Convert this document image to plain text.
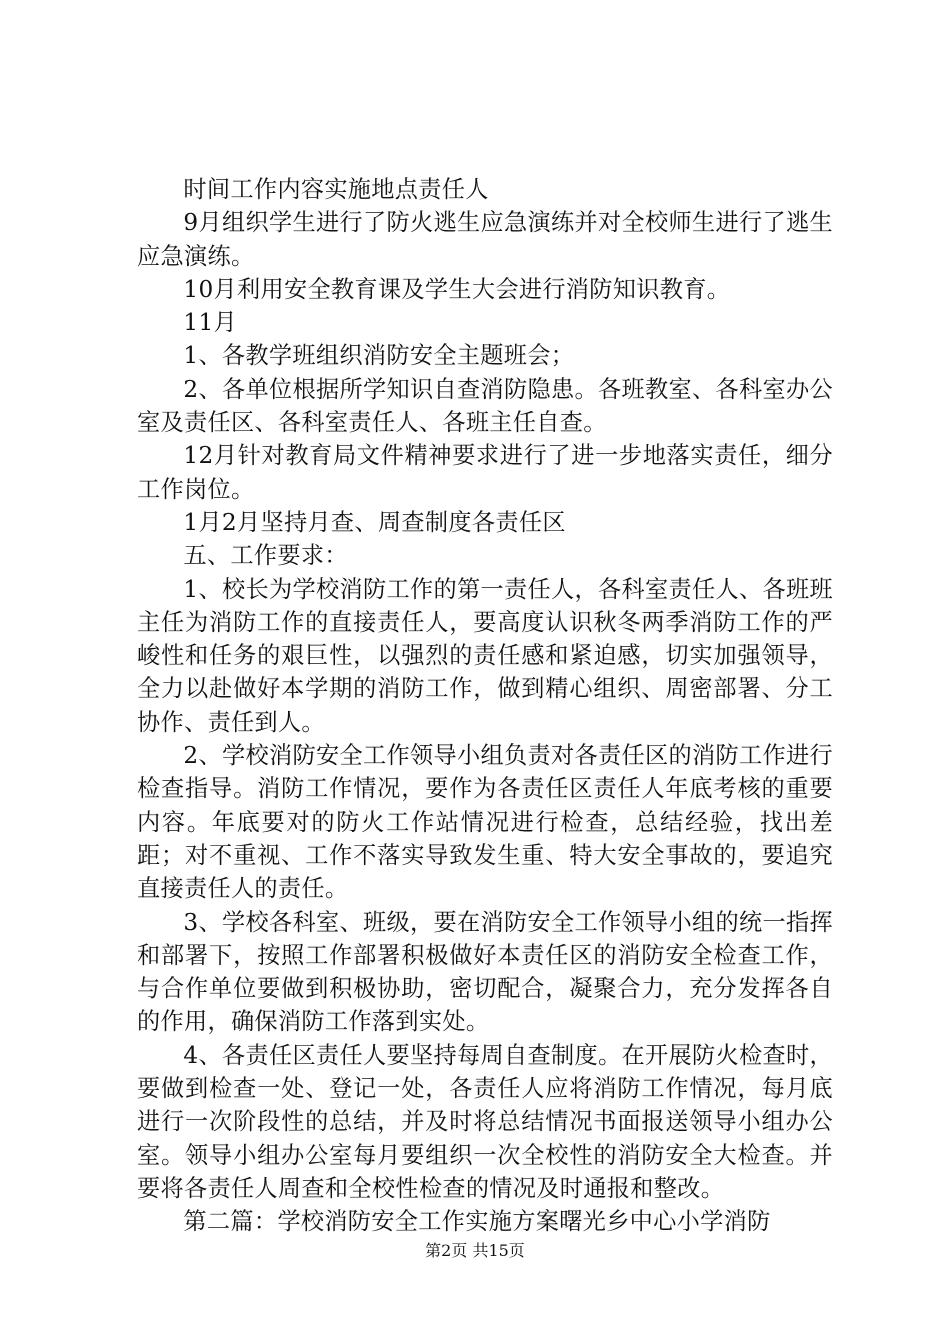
时间工作内容实施地点责任人

9月组织学生进行了防火逃生应急演练并对全校师生进行了逃生应急演练。

10月利用安全教育课及学生大会进行消防知识教育。

11月

1、各教学班组织消防安全主题班会；

2、各单位根据所学知识自查消防隐患。各班教室、各科室办公室及责任区、各科室责任人、各班主任自查。

12月针对教育局文件精神要求进行了进一步地落实责任，细分工作岗位。

1月2月坚持月查、周查制度各责任区

五、工作要求：

1、校长为学校消防工作的第一责任人，各科室责任人、各班班主任为消防工作的直接责任人，要高度认识秋冬两季消防工作的严峻性和任务的艰巨性，以强烈的责任感和紧迫感，切实加强领导，全力以赴做好本学期的消防工作，做到精心组织、周密部署、分工协作、责任到人。

2、学校消防安全工作领导小组负责对各责任区的消防工作进行检查指导。消防工作情况，要作为各责任区责任人年底考核的重要内容。年底要对的防火工作站情况进行检查，总结经验，找出差距；对不重视、工作不落实导致发生重、特大安全事故的，要追究直接责任人的责任。

3、学校各科室、班级，要在消防安全工作领导小组的统一指挥和部署下，按照工作部署积极做好本责任区的消防安全检查工作，与合作单位要做到积极协助，密切配合，凝聚合力，充分发挥各自的作用，确保消防工作落到实处。

4、各责任区责任人要坚持每周自查制度。在开展防火检查时，要做到检查一处、登记一处，各责任人应将消防工作情况，每月底进行一次阶段性的总结，并及时将总结情况书面报送领导小组办公室。领导小组办公室每月要组织一次全校性的消防安全大检查。并要将各责任人周查和全校性检查的情况及时通报和整改。

第二篇：学校消防安全工作实施方案曙光乡中心小学消防

第2页 共15页
